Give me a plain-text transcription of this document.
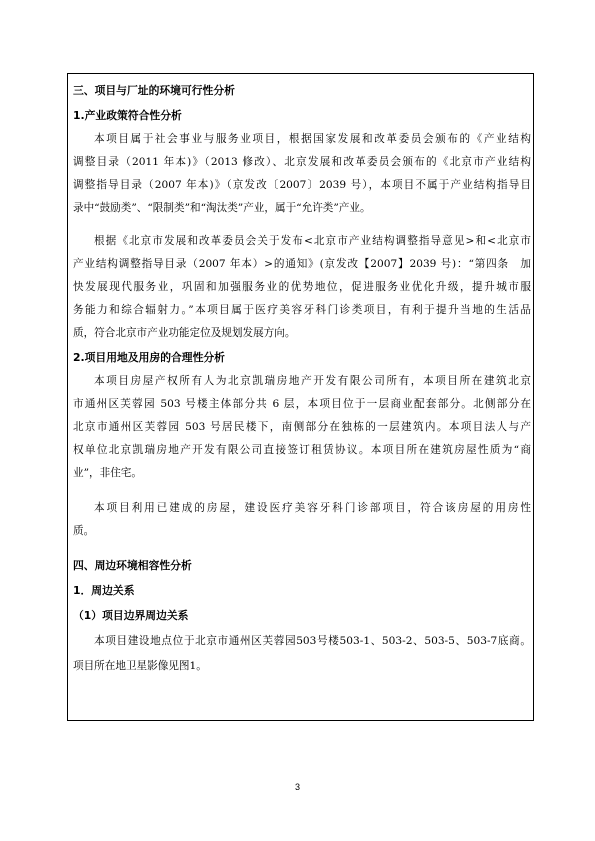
三、项目与厂址的环境可行性分析
1.产业政策符合性分析
本项目属于社会事业与服务业项目，根据国家发展和改革委员会颁布的《产业结构
调整目录（2011 年本)》（2013 修改）、北京发展和改革委员会颁布的《北京市产业结构
调整指导目录（2007 年本)》（京发改〔2007〕2039 号），本项目不属于产业结构指导目
录中“鼓励类”、“限制类”和“淘汰类”产业，属于“允许类”产业。
根据《北京市发展和改革委员会关于发布<北京市产业结构调整指导意见>和<北京市
产业结构调整指导目录（2007 年本）>的通知》(京发改【2007】2039 号)：“第四条　加
快发展现代服务业，巩固和加强服务业的优势地位，促进服务业优化升级，提升城市服
务能力和综合辐射力。”本项目属于医疗美容牙科门诊类项目，有利于提升当地的生活品
质，符合北京市产业功能定位及规划发展方向。
2.项目用地及用房的合理性分析
本项目房屋产权所有人为北京凯瑞房地产开发有限公司所有，本项目所在建筑北京
市通州区芙蓉园 503 号楼主体部分共 6 层，本项目位于一层商业配套部分。北侧部分在
北京市通州区芙蓉园 503 号居民楼下，南侧部分在独栋的一层建筑内。本项目法人与产
权单位北京凯瑞房地产开发有限公司直接签订租赁协议。本项目所在建筑房屋性质为“商
业”，非住宅。
本项目利用已建成的房屋，建设医疗美容牙科门诊部项目，符合该房屋的用房性
质。
四、周边环境相容性分析
1．周边关系
（1）项目边界周边关系
本项目建设地点位于北京市通州区芙蓉园503号楼503-1、503-2、503-5、503-7底商。
项目所在地卫星影像见图1。
3
